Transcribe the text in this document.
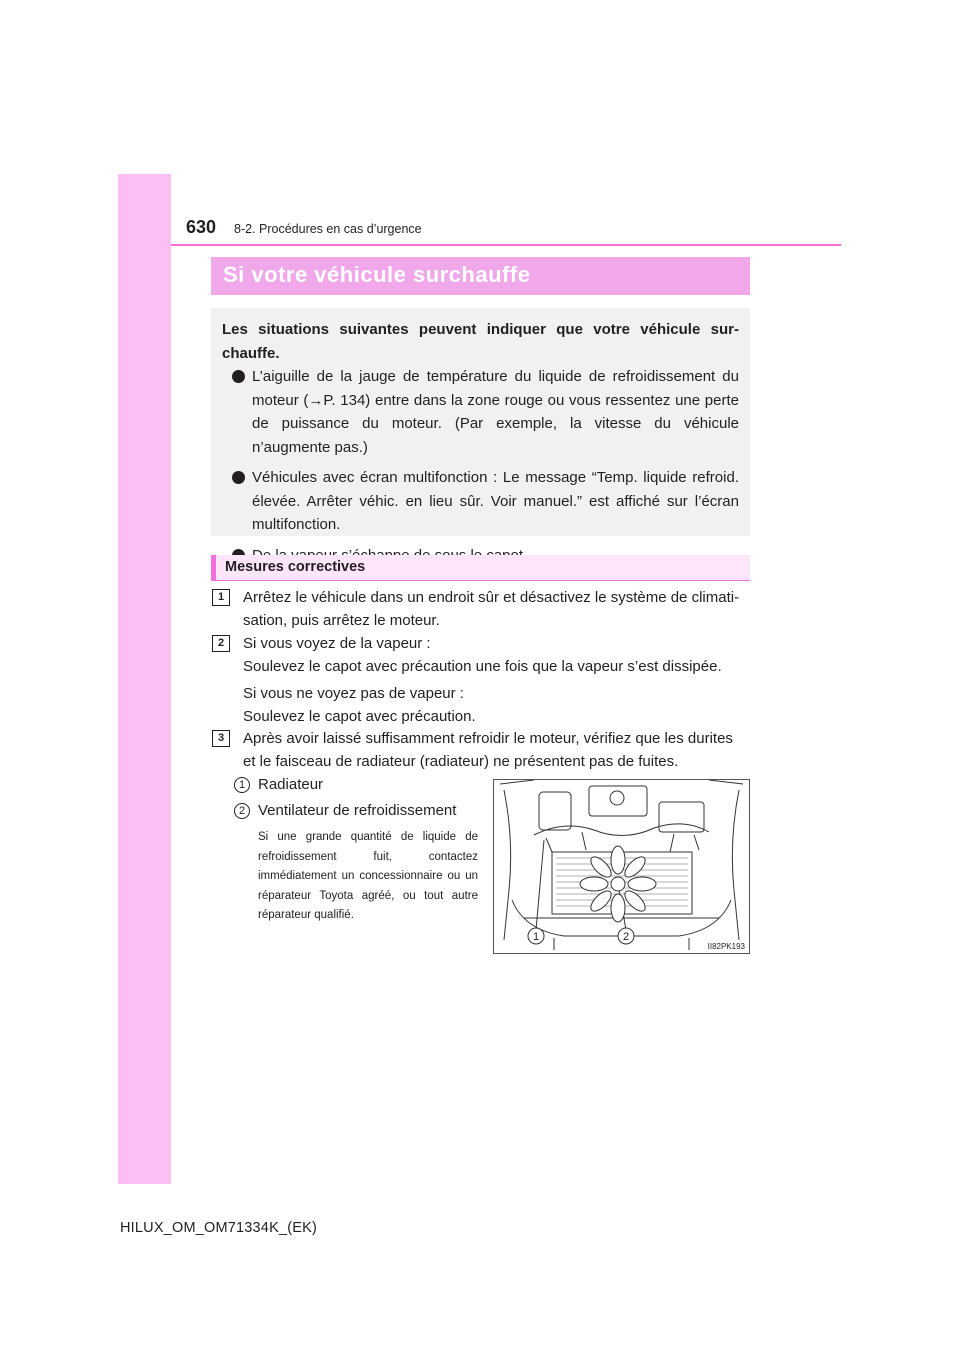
630 8-2. Procédures en cas d’urgence
Si votre véhicule surchauffe
Les situations suivantes peuvent indiquer que votre véhicule sur-chauffe.
L’aiguille de la jauge de température du liquide de refroidissement du moteur (→P. 134) entre dans la zone rouge ou vous ressentez une perte de puissance du moteur. (Par exemple, la vitesse du véhicule n’augmente pas.)
Véhicules avec écran multifonction : Le message “Temp. liquide refroid. élevée. Arrêter véhic. en lieu sûr. Voir manuel.” est affiché sur l’écran multifonction.
Mesures correctives
1	Arrêtez le véhicule dans un endroit sûr et désactivez le système de climati-sation, puis arrêtez le moteur.
2	Si vous voyez de la vapeur :
Soulevez le capot avec précaution une fois que la vapeur s’est dissipée.
Si vous ne voyez pas de vapeur :
Soulevez le capot avec précaution.
3	Après avoir laissé suffisamment refroidir le moteur, vérifiez que les durites et le faisceau de radiateur (radiateur) ne présentent pas de fuites.
1 Radiateur
2 Ventilateur de refroidissement
Si une grande quantité de liquide de refroidissement fuit, contactez immédiatement un concessionnaire ou un réparateur Toyota agréé, ou tout autre réparateur qualifié.
1	2
II82PK193
HILUX_OM_OM71334K_(EK)
